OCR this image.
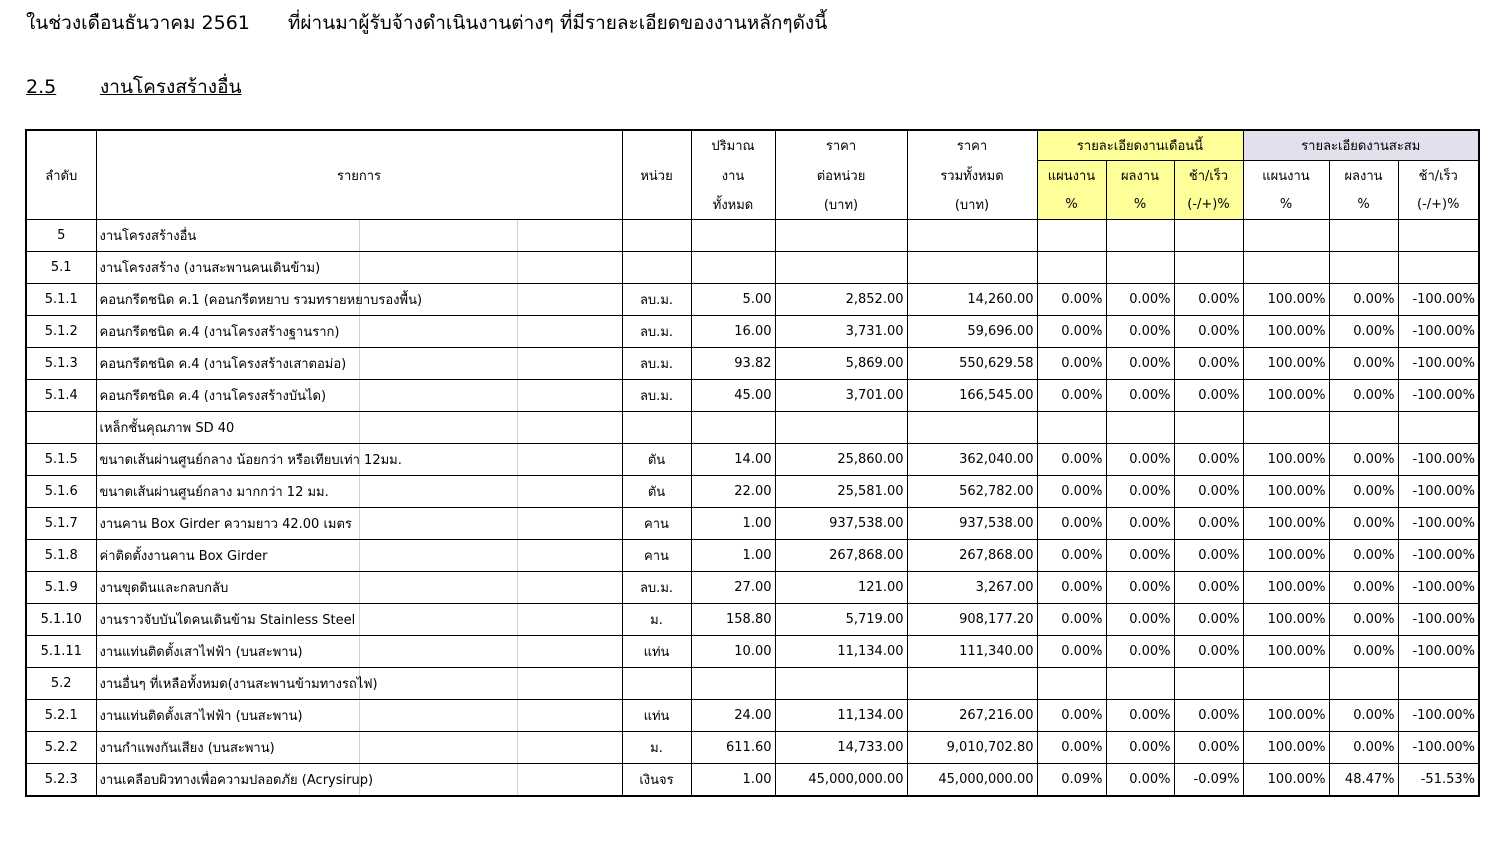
ในช่วงเดือนธันวาคม 2561 ที่ผ่านมาผู้รับจ้างดำเนินงานต่างๆ ที่มีรายละเอียดของงานหลักๆดังนี้
2.5 งานโครงสร้างอื่น
ลำดับ	รายการ	หน่วย	ปริมาณ	ราคา	ราคา	รายละเอียดงานเดือนนี้			รายละเอียดงานสะสม		
			งาน	ต่อหน่วย	รวมทั้งหมด	แผนงาน	ผลงาน	ช้า/เร็ว	แผนงาน	ผลงาน	ช้า/เร็ว
			ทั้งหมด	(บาท)	(บาท)	%	%	(-/+)%	%	%	(-/+)%
5	งานโครงสร้างอื่น										
5.1	งานโครงสร้าง (งานสะพานคนเดินข้าม)										
5.1.1	คอนกรีตชนิด ค.1 (คอนกรีตหยาบ รวมทรายหยาบรองพื้น)	ลบ.ม.	5.00	2,852.00	14,260.00	0.00%	0.00%	0.00%	100.00%	0.00%	-100.00%
5.1.2	คอนกรีตชนิด ค.4 (งานโครงสร้างฐานราก)	ลบ.ม.	16.00	3,731.00	59,696.00	0.00%	0.00%	0.00%	100.00%	0.00%	-100.00%
5.1.3	คอนกรีตชนิด ค.4 (งานโครงสร้างเสาตอม่อ)	ลบ.ม.	93.82	5,869.00	550,629.58	0.00%	0.00%	0.00%	100.00%	0.00%	-100.00%
5.1.4	คอนกรีตชนิด ค.4 (งานโครงสร้างบันได)	ลบ.ม.	45.00	3,701.00	166,545.00	0.00%	0.00%	0.00%	100.00%	0.00%	-100.00%

เหล็กชั้นคุณภาพ SD 40										
5.1.5	ขนาดเส้นผ่านศูนย์กลาง น้อยกว่า หรือเทียบเท่า 12มม.	ตัน	14.00	25,860.00	362,040.00	0.00%	0.00%	0.00%	100.00%	0.00%	-100.00%
5.1.6	ขนาดเส้นผ่านศูนย์กลาง มากกว่า 12 มม.	ตัน	22.00	25,581.00	562,782.00	0.00%	0.00%	0.00%	100.00%	0.00%	-100.00%
5.1.7	งานคาน Box Girder ความยาว 42.00 เมตร	คาน	1.00	937,538.00	937,538.00	0.00%	0.00%	0.00%	100.00%	0.00%	-100.00%
5.1.8	ค่าติดตั้งงานคาน Box Girder	คาน	1.00	267,868.00	267,868.00	0.00%	0.00%	0.00%	100.00%	0.00%	-100.00%
5.1.9	งานขุดดินและกลบกลับ	ลบ.ม.	27.00	121.00	3,267.00	0.00%	0.00%	0.00%	100.00%	0.00%	-100.00%
5.1.10	งานราวจับบันไดคนเดินข้าม Stainless Steel	ม.	158.80	5,719.00	908,177.20	0.00%	0.00%	0.00%	100.00%	0.00%	-100.00%
5.1.11	งานแท่นติดตั้งเสาไฟฟ้า (บนสะพาน)	แท่น	10.00	11,134.00	111,340.00	0.00%	0.00%	0.00%	100.00%	0.00%	-100.00%
5.2	งานอื่นๆ ที่เหลือทั้งหมด(งานสะพานข้ามทางรถไฟ)										
5.2.1	งานแท่นติดตั้งเสาไฟฟ้า (บนสะพาน)	แท่น	24.00	11,134.00	267,216.00	0.00%	0.00%	0.00%	100.00%	0.00%	-100.00%
5.2.2	งานกำแพงกันเสียง (บนสะพาน)	ม.	611.60	14,733.00	9,010,702.80	0.00%	0.00%	0.00%	100.00%	0.00%	-100.00%
5.2.3	งานเคลือบผิวทางเพื่อความปลอดภัย (Acrysirup)	เงินจร	1.00	45,000,000.00	45,000,000.00	0.09%	0.00%	-0.09%	100.00%	48.47%	-51.53%
